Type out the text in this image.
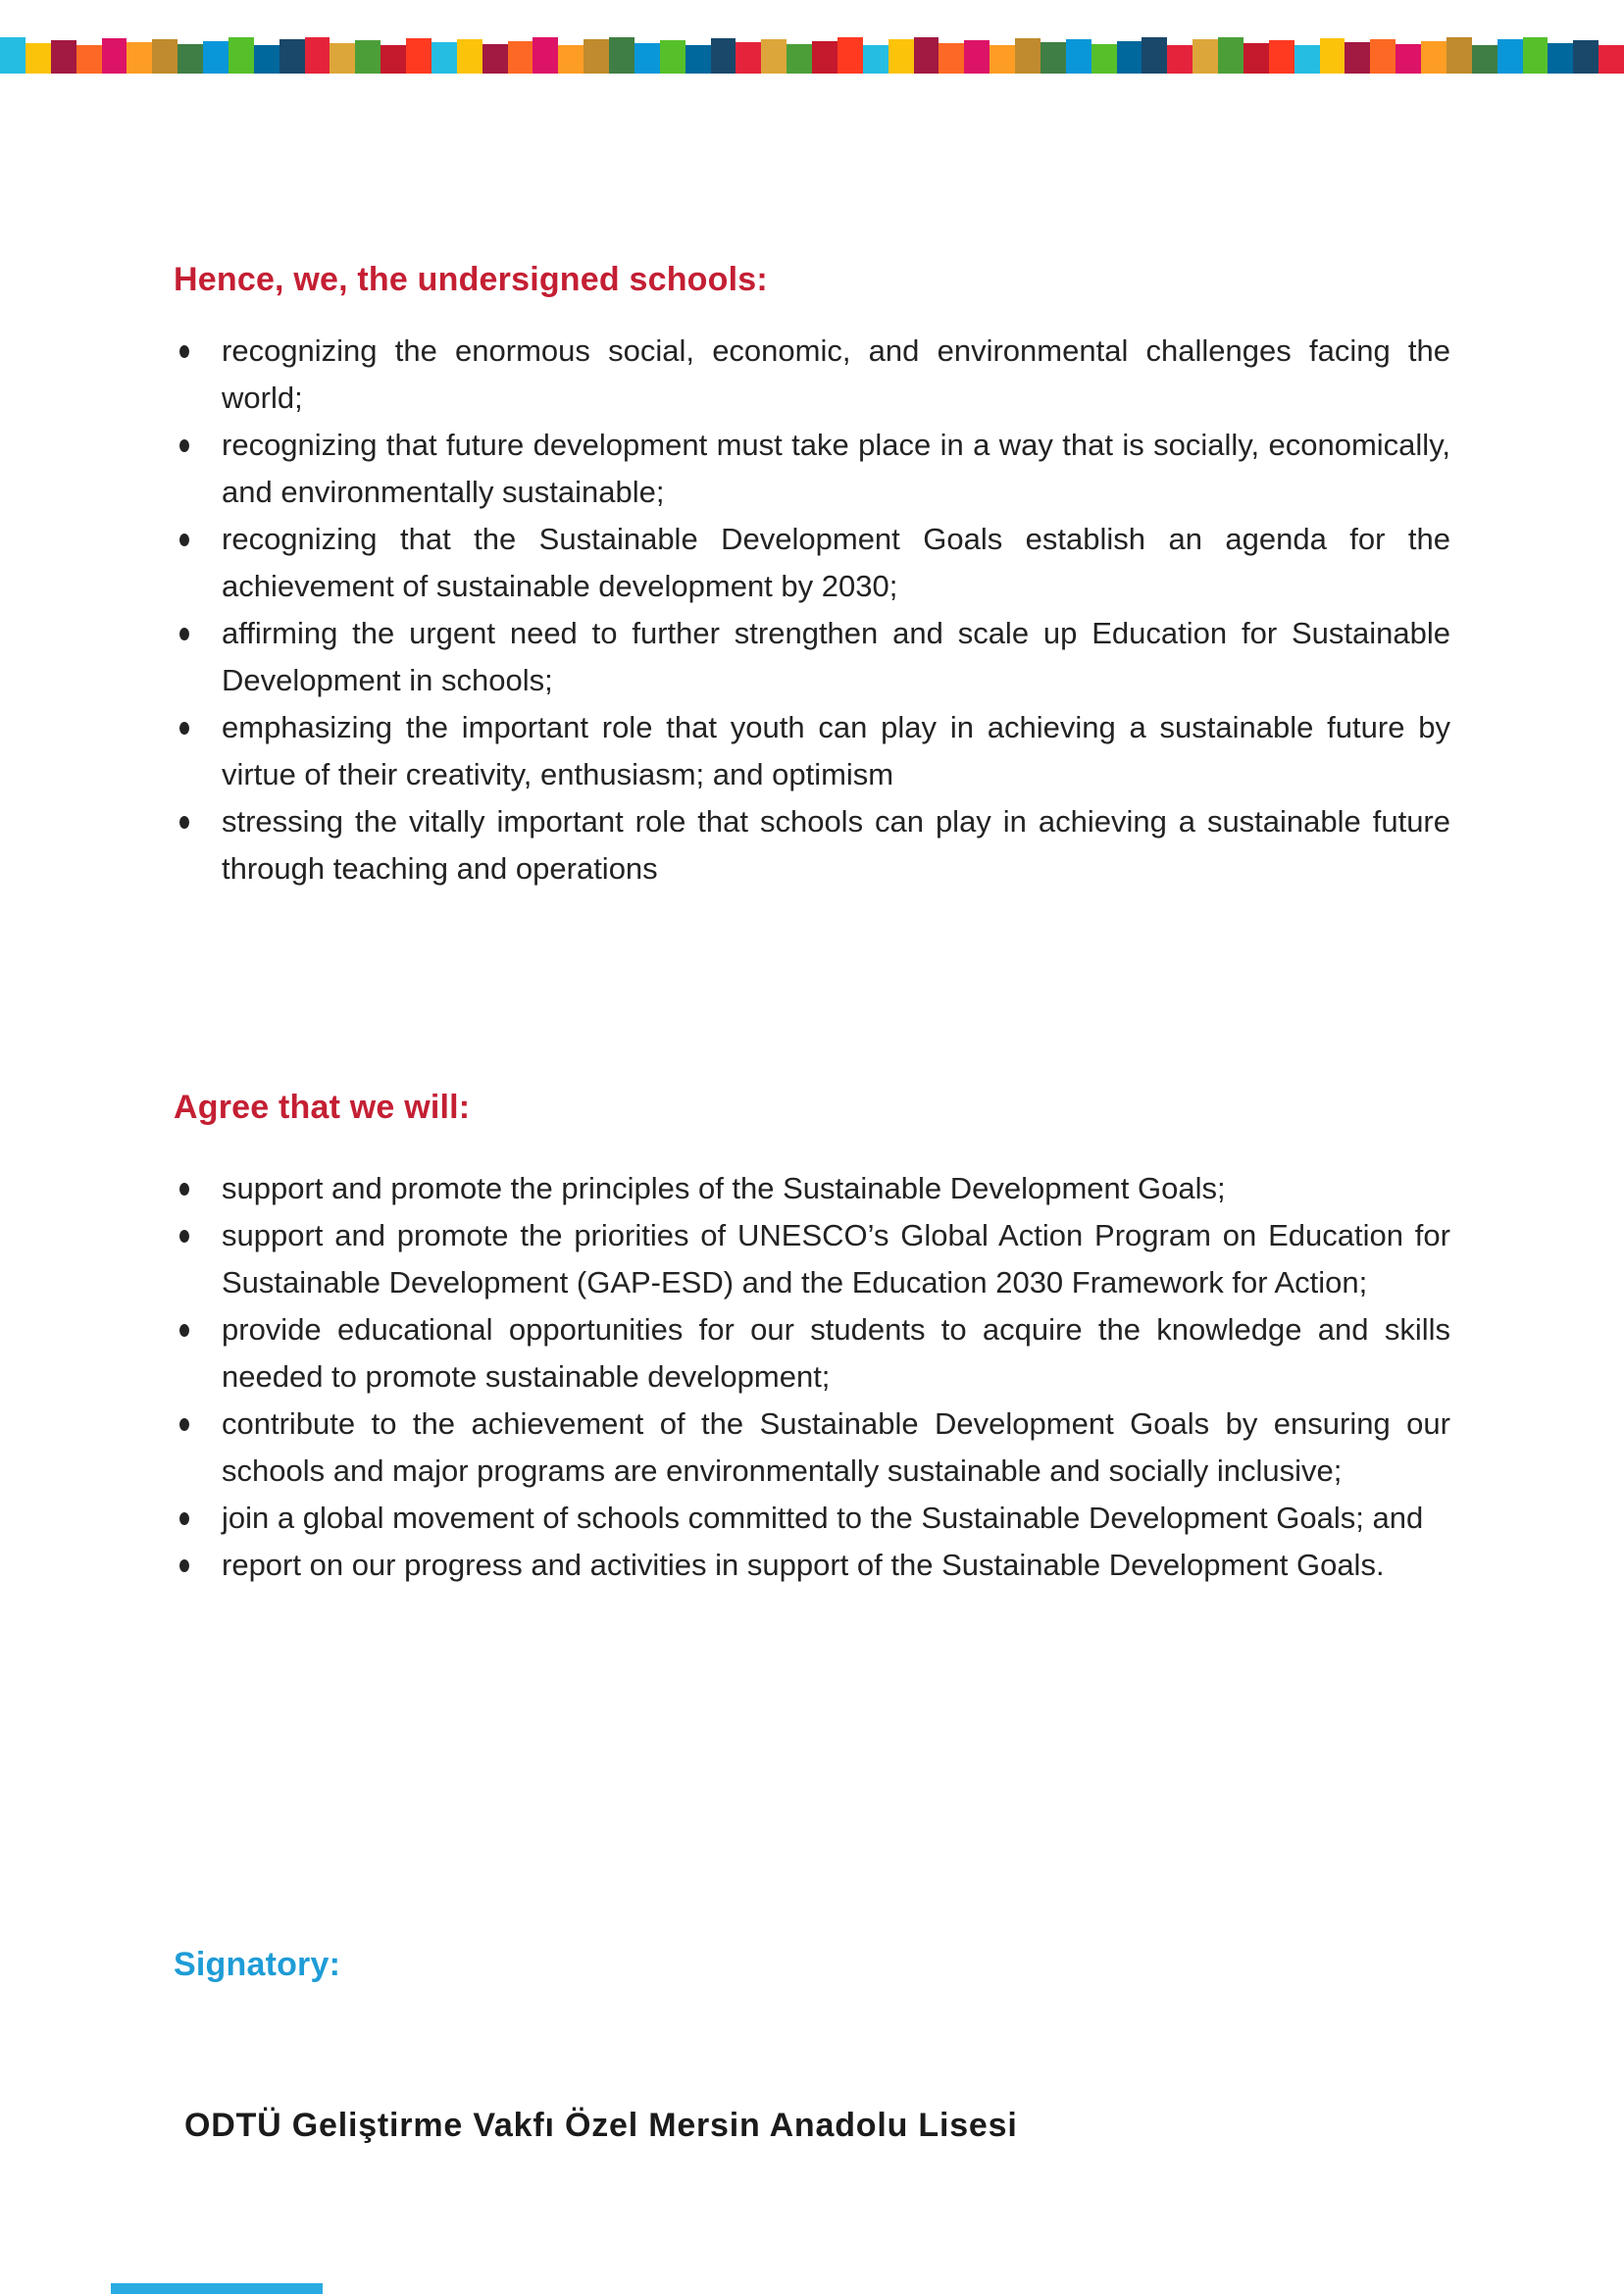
Hence, we, the undersigned schools:
recognizing the enormous social, economic, and environmental challenges facing the world;
recognizing that future development must take place in a way that is socially, economically, and environmentally sustainable;
recognizing that the Sustainable Development Goals establish an agenda for the achievement of sustainable development by 2030;
affirming the urgent need to further strengthen and scale up Education for Sustainable Development in schools;
emphasizing the important role that youth can play in achieving a sustainable future by virtue of their creativity, enthusiasm; and optimism
stressing the vitally important role that schools can play in achieving a sustainable future through teaching and operations
Agree that we will:
support and promote the principles of the Sustainable Development Goals;
support and promote the priorities of UNESCO’s Global Action Program on Education for Sustainable Development (GAP-ESD) and the Education 2030 Framework for Action;
provide educational opportunities for our students to acquire the knowledge and skills needed to promote sustainable development;
contribute to the achievement of the Sustainable Development Goals by ensuring our schools and major programs are environmentally sustainable and socially inclusive;
join a global movement of schools committed to the Sustainable Development Goals; and
report on our progress and activities in support of the Sustainable Development Goals.
Signatory:
ODTÜ Geliştirme Vakfı Özel Mersin Anadolu Lisesi
